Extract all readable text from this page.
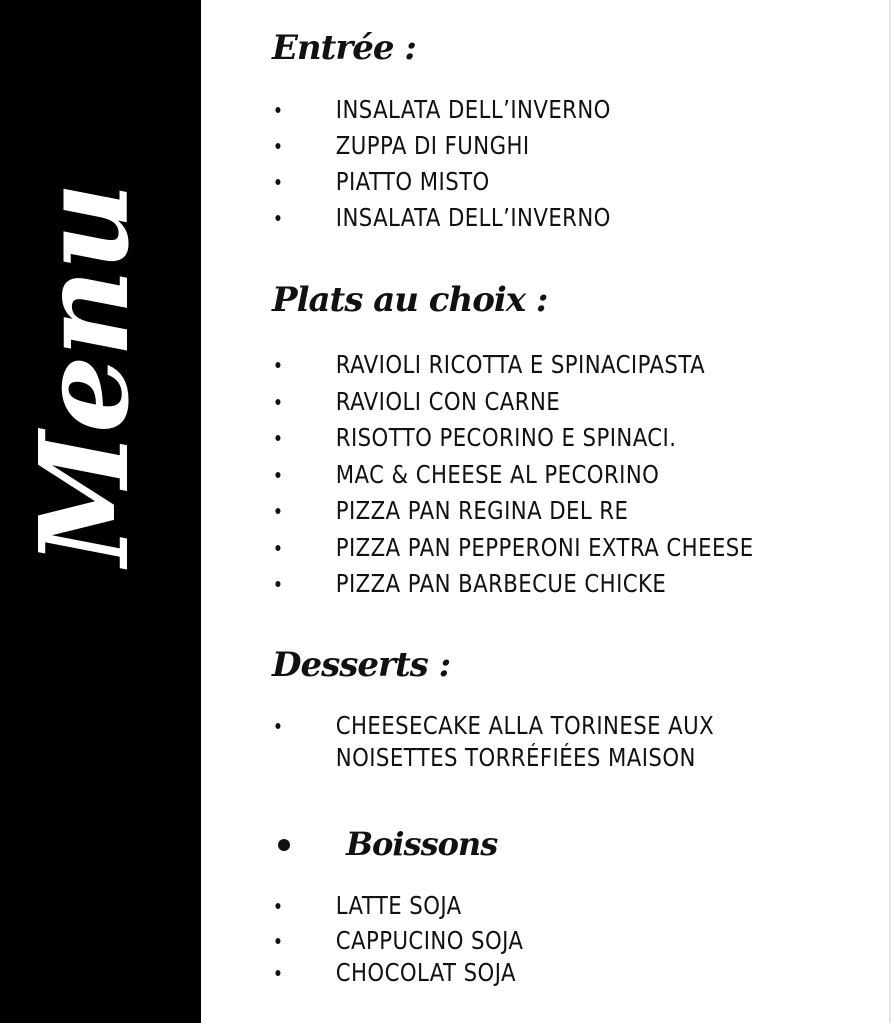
Menu
Entrée :
INSALATA DELL’INVERNO
ZUPPA DI FUNGHI
PIATTO MISTO
INSALATA DELL’INVERNO
Plats au choix :
RAVIOLI RICOTTA E SPINACIPASTA
RAVIOLI CON CARNE
RISOTTO PECORINO E SPINACI.
MAC & CHEESE AL PECORINO
PIZZA PAN REGINA DEL RE
PIZZA PAN PEPPERONI EXTRA CHEESE
PIZZA PAN BARBECUE CHICKE
Desserts :
CHEESECAKE ALLA TORINESE AUX
NOISETTES TORRÉFIÉES MAISON
Boissons
LATTE SOJA
CAPPUCINO SOJA
CHOCOLAT SOJA
